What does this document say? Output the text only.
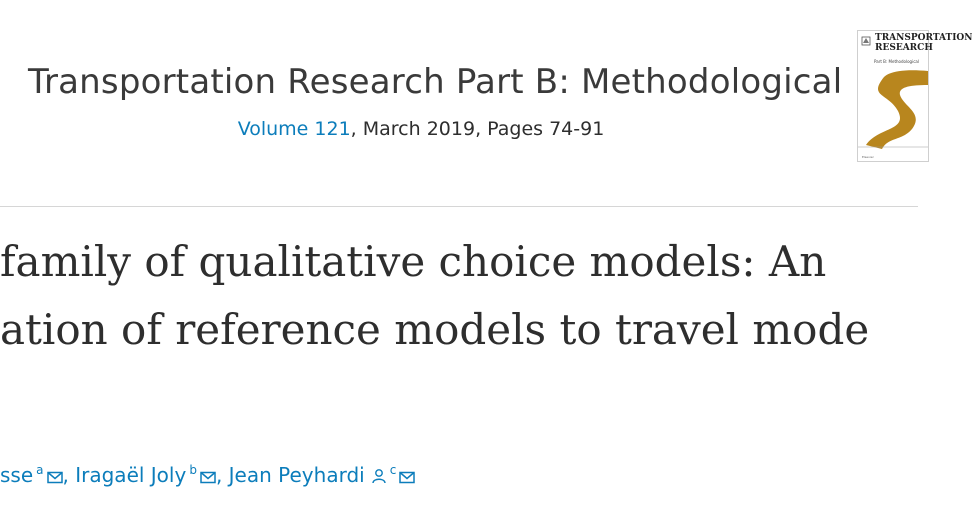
Transportation Research Part B: Methodological
Volume 121, March 2019, Pages 74-91
TRANSPORTATION
RESEARCH
Part B: Methodological
Elsevier
family of qualitative choice models: An
ation of reference models to travel mode
sse $^a$ , Iragaël Joly $^b$ , Jean Peyhardi $^c$
